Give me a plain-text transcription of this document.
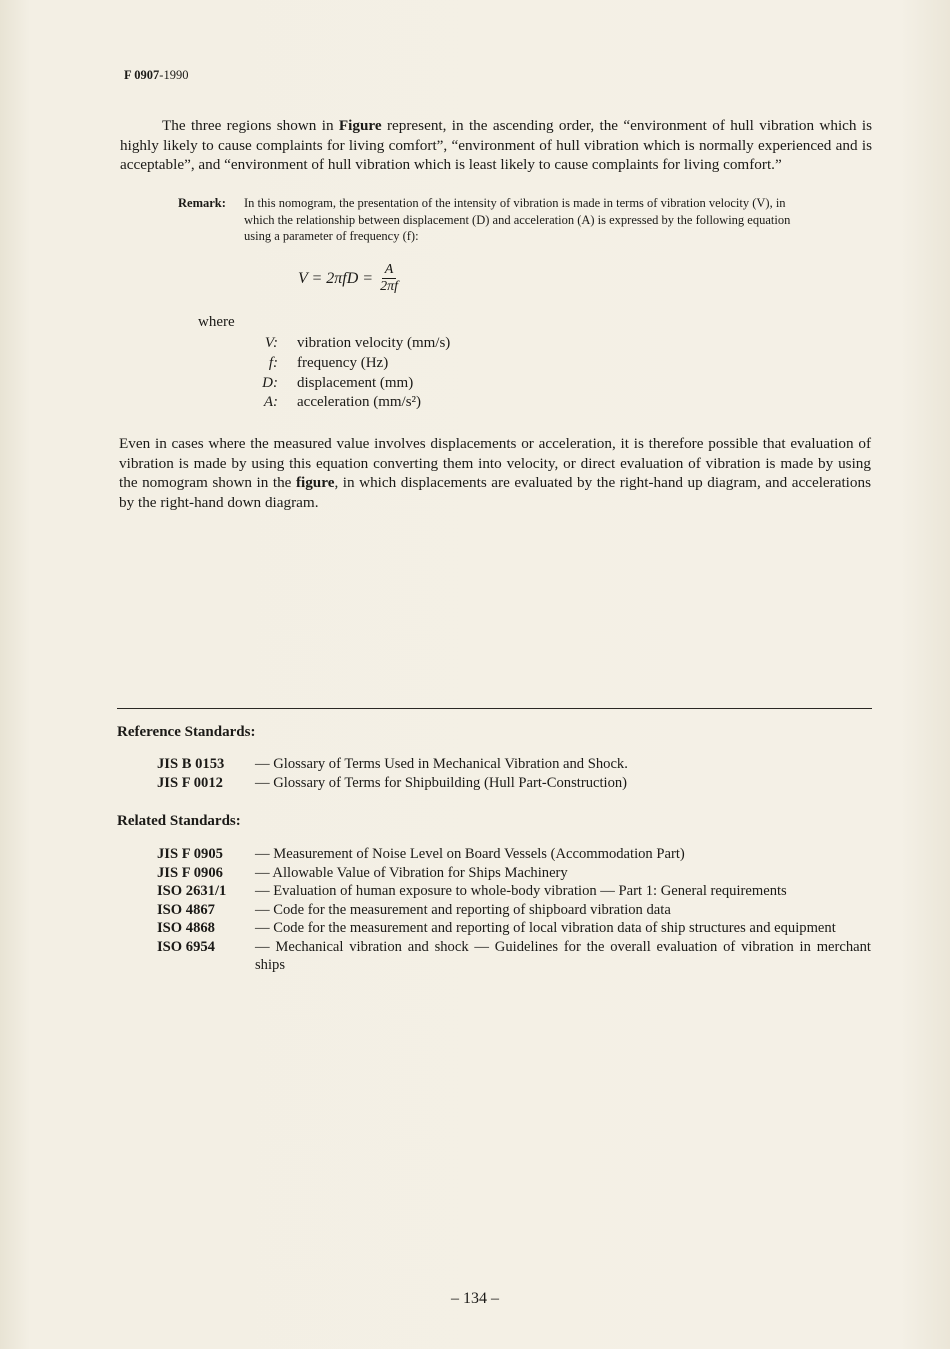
F 0907-1990
The three regions shown in Figure represent, in the ascending order, the “environment of hull vibration which is highly likely to cause complaints for living comfort”, “environment of hull vibration which is normally experienced and is acceptable”, and “environment of hull vibration which is least likely to cause complaints for living comfort.”
Remark: In this nomogram, the presentation of the intensity of vibration is made in terms of vibration velocity (V), in which the relationship between displacement (D) and acceleration (A) is expressed by the following equation using a parameter of frequency (f):
$V = 2\pi fD = \frac{A}{2\pi f}$
where
V:	vibration velocity (mm/s)
f:	frequency (Hz)
D:	displacement (mm)
A:	acceleration (mm/s²)
Even in cases where the measured value involves displacements or acceleration, it is therefore possible that evaluation of vibration is made by using this equation converting them into velocity, or direct evaluation of vibration is made by using the nomogram shown in the figure, in which displacements are evaluated by the right-hand up diagram, and accelerations by the right-hand down diagram.
Reference Standards:
JIS B 0153	— Glossary of Terms Used in Mechanical Vibration and Shock.
JIS F 0012	— Glossary of Terms for Shipbuilding (Hull Part-Construction)
Related Standards:
JIS F 0905	— Measurement of Noise Level on Board Vessels (Accommodation Part)
JIS F 0906	— Allowable Value of Vibration for Ships Machinery
ISO 2631/1	— Evaluation of human exposure to whole-body vibration — Part 1: General requirements
ISO 4867	— Code for the measurement and reporting of shipboard vibration data
ISO 4868	— Code for the measurement and reporting of local vibration data of ship structures and equipment
ISO 6954	— Mechanical vibration and shock — Guidelines for the overall evaluation of vibration in merchant ships
– 134 –
